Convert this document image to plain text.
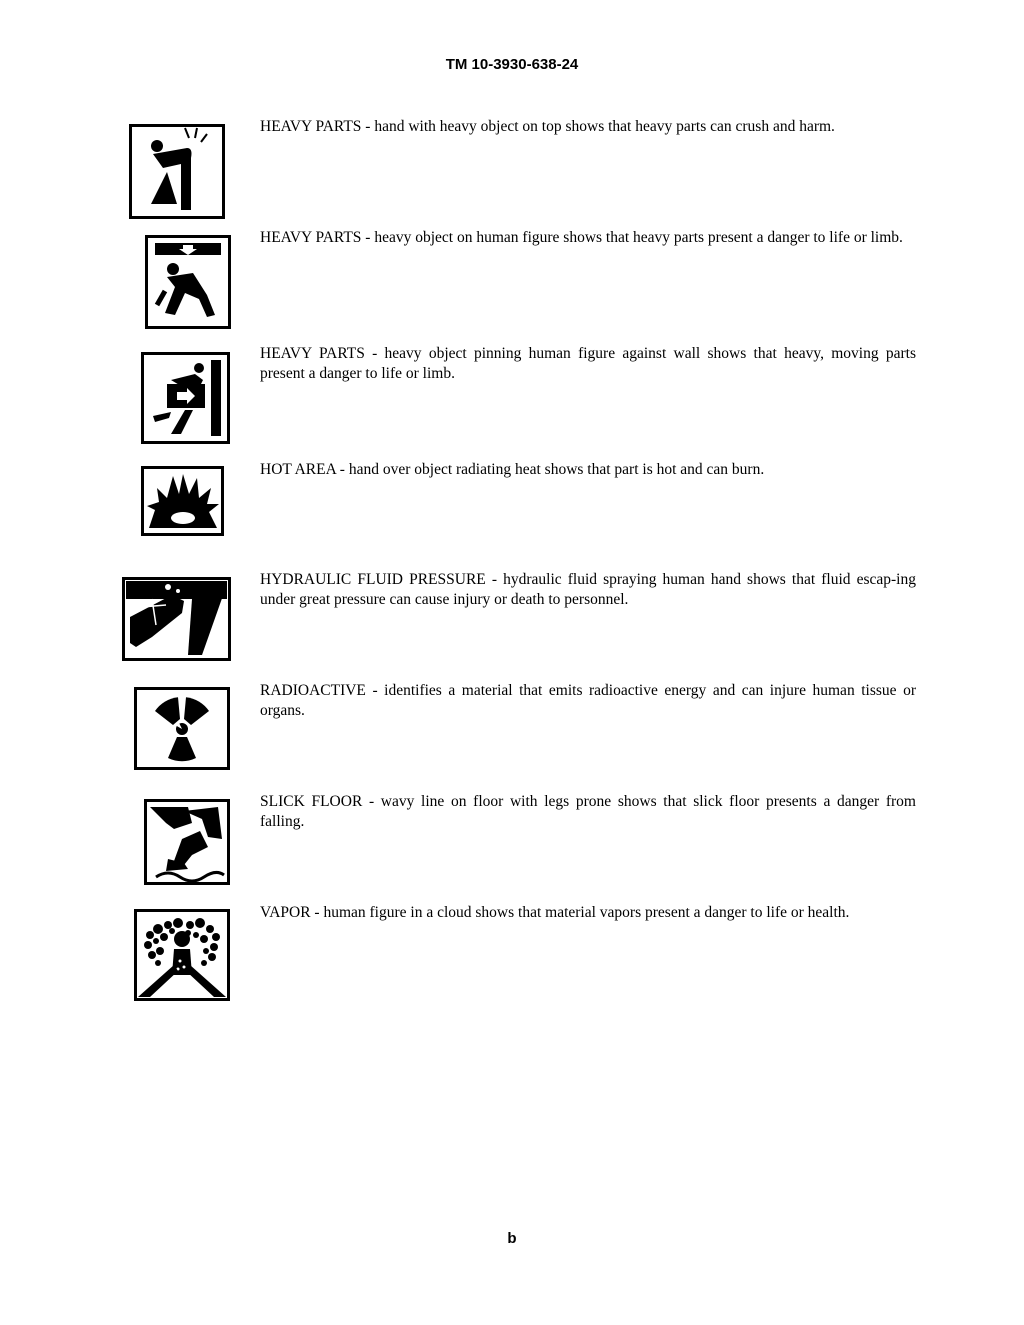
TM 10-3930-638-24
HEAVY PARTS - hand with heavy object on top shows that heavy parts can crush and harm.
HEAVY PARTS - heavy object on human figure shows that heavy parts present a danger to life or limb.
HEAVY PARTS - heavy object pinning human figure against wall shows that heavy, moving parts present a danger to life or limb.
HOT AREA - hand over object radiating heat shows that part is hot and can burn.
HYDRAULIC FLUID PRESSURE - hydraulic fluid spraying human hand shows that fluid escap-ing under great pressure can cause injury or death to personnel.
RADIOACTIVE - identifies a material that emits radioactive energy and can injure human tissue or organs.
SLICK FLOOR - wavy line on floor with legs prone shows that slick floor presents a danger from falling.
VAPOR - human figure in a cloud shows that material vapors present a danger to life or health.
b
